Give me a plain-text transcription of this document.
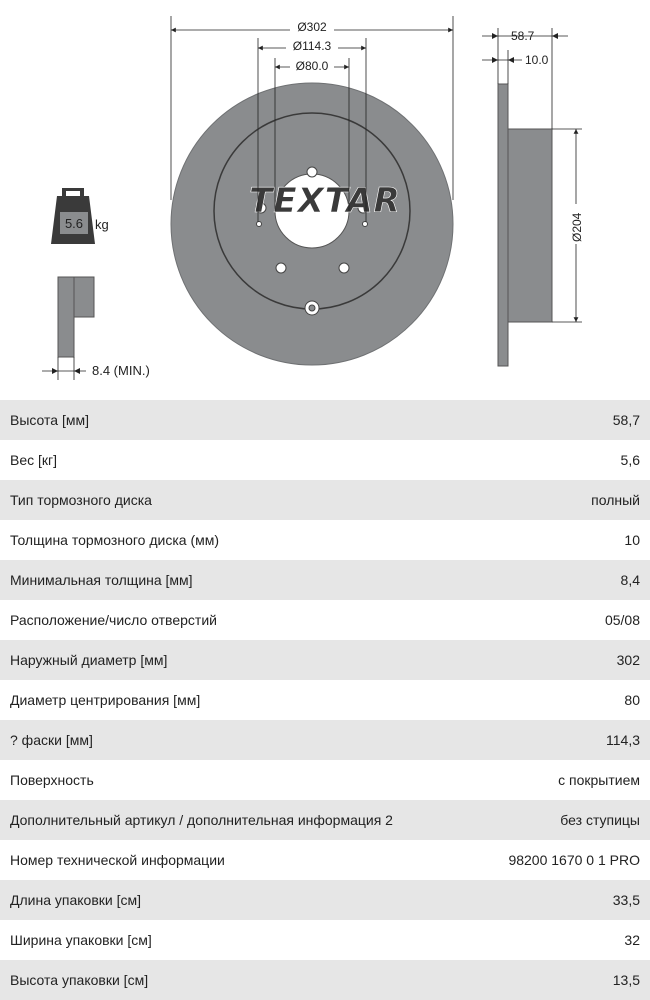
TEXTAR
Ø302
Ø114.3
Ø80.0
58.7
10.0
Ø204
5.6 kg
8.4 (MIN.)
Высота [мм]	58,7
Вес [кг]	5,6
Тип тормозного диска	полный
Толщина тормозного диска (мм)	10
Минимальная толщина [мм]	8,4
Расположение/число отверстий	05/08
Наружный диаметр [мм]	302
Диаметр центрирования [мм]	80
? фаски [мм]	114,3
Поверхность	с покрытием
Дополнительный артикул / дополнительная информация 2	без ступицы
Номер технической информации	98200 1670 0 1 PRO
Длина упаковки [см]	33,5
Ширина упаковки [см]	32
Высота упаковки [см]	13,5
